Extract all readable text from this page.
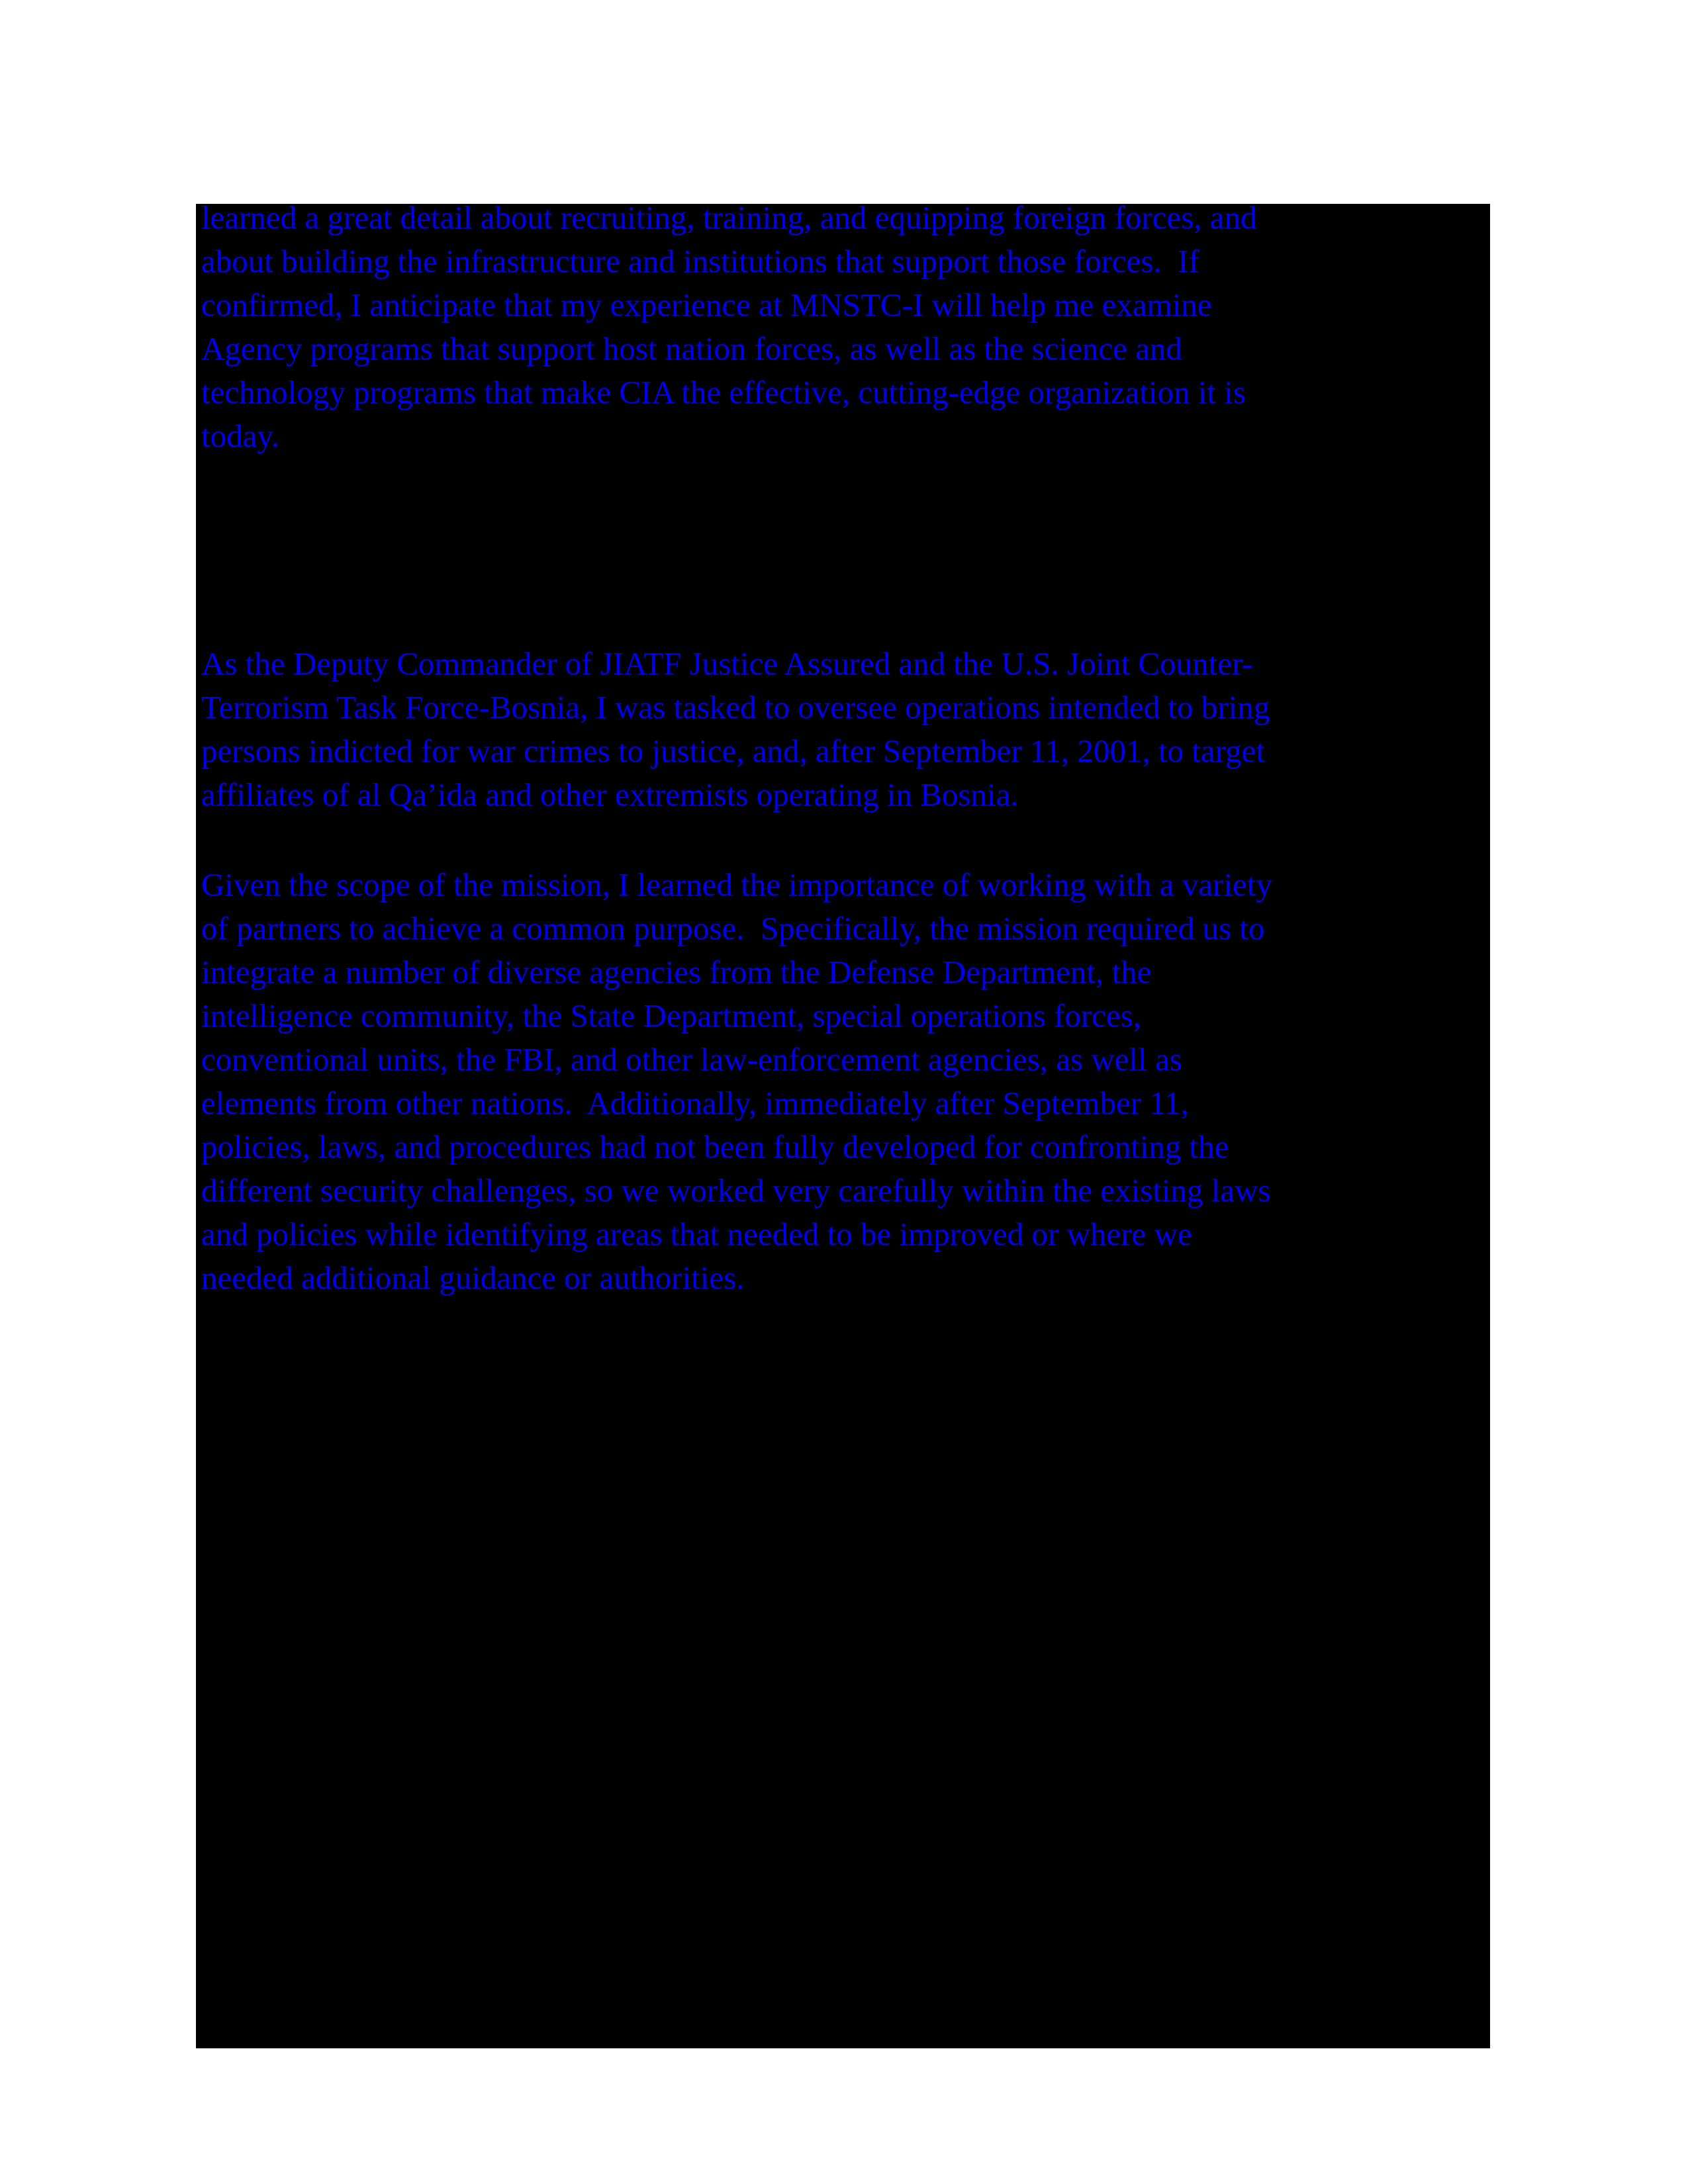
learned a great detail about recruiting, training, and equipping foreign forces, and
about building the infrastructure and institutions that support those forces.  If
confirmed, I anticipate that my experience at MNSTC-I will help me examine
Agency programs that support host nation forces, as well as the science and
technology programs that make CIA the effective, cutting-edge organization it is
today.
As the Deputy Commander of JIATF Justice Assured and the U.S. Joint Counter-
Terrorism Task Force-Bosnia, I was tasked to oversee operations intended to bring
persons indicted for war crimes to justice, and, after September 11, 2001, to target
affiliates of al Qa’ida and other extremists operating in Bosnia.
Given the scope of the mission, I learned the importance of working with a variety
of partners to achieve a common purpose.  Specifically, the mission required us to
integrate a number of diverse agencies from the Defense Department, the
intelligence community, the State Department, special operations forces,
conventional units, the FBI, and other law-enforcement agencies, as well as
elements from other nations.  Additionally, immediately after September 11,
policies, laws, and procedures had not been fully developed for confronting the
different security challenges, so we worked very carefully within the existing laws
and policies while identifying areas that needed to be improved or where we
needed additional guidance or authorities.
